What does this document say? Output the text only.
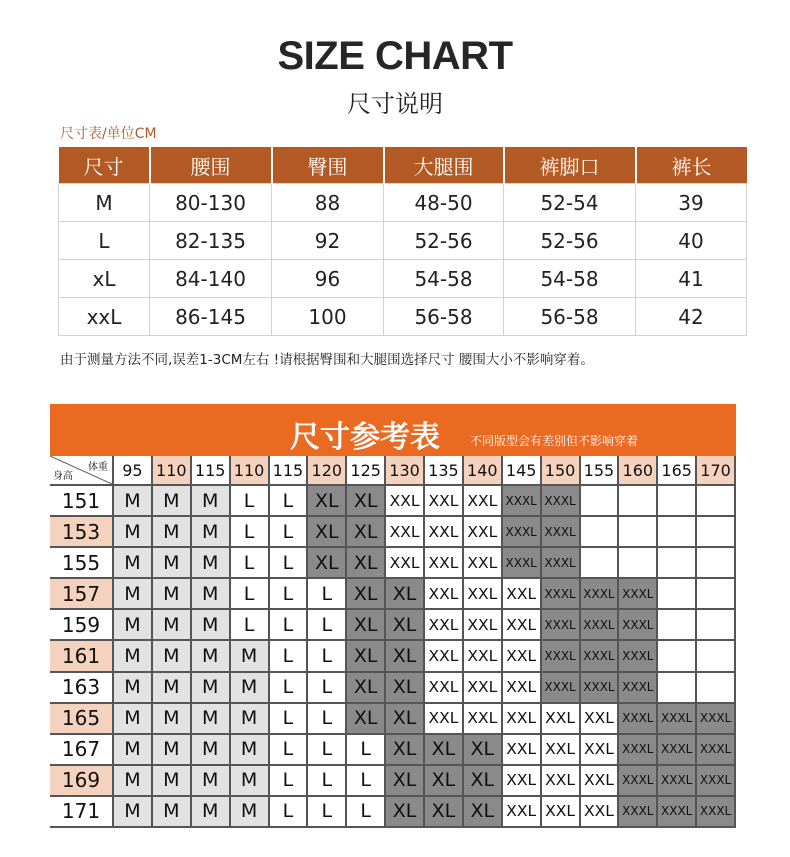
SIZE CHART
尺寸说明
尺寸表/单位CM
尺寸	腰围	臀围	大腿围	裤脚口	裤长
M	80-130	88	48-50	52-54	39
L	82-135	92	52-56	52-56	40
xL	84-140	96	54-58	54-58	41
xxL	86-145	100	56-58	56-58	42
由于测量方法不同,误差1-3CM左右 !请根据臀围和大腿围选择尺寸 腰围大小不影响穿着。
尺寸参考表	不同版型会有差别但不影响穿着
体重
身高	95 110 115 110 115 120 125 130 135 140 145 150 155 160 165 170
151	M	M	M	L	L	XL XL XXL XXL XXL XXXL XXXL
153	M	M	M	L	L	XL XL XXL XXL XXL XXXL XXXL
155	M	M	M	L	L	XL XL XXL XXL XXL XXXL XXXL
157	M	M	M	L	L	L	XL XL XXL XXL XXL XXXL XXXL XXXL
159	M	M	M	L	L	L	XL XL XXL XXL XXL XXXL XXXL XXXL
161	M	M	M	M	L	L	XL XL XXL XXL XXL XXXL XXXL XXXL
163	M	M	M	M	L	L	XL XL XXL XXL XXL XXXL XXXL XXXL
165	M	M	M	M	L	L	XL XL XXL XXL XXL XXL XXL XXXL XXXL XXXL
167	M	M	M	M	L	L	L	XL XL XL XXL XXL XXL XXXL XXXL XXXL
169	M	M	M	M	L	L	L	XL XL XL XXL XXL XXL XXXL XXXL XXXL
171	M	M	M	M	L	L	L	XL XL XL XXL XXL XXL XXXL XXXL XXXL
